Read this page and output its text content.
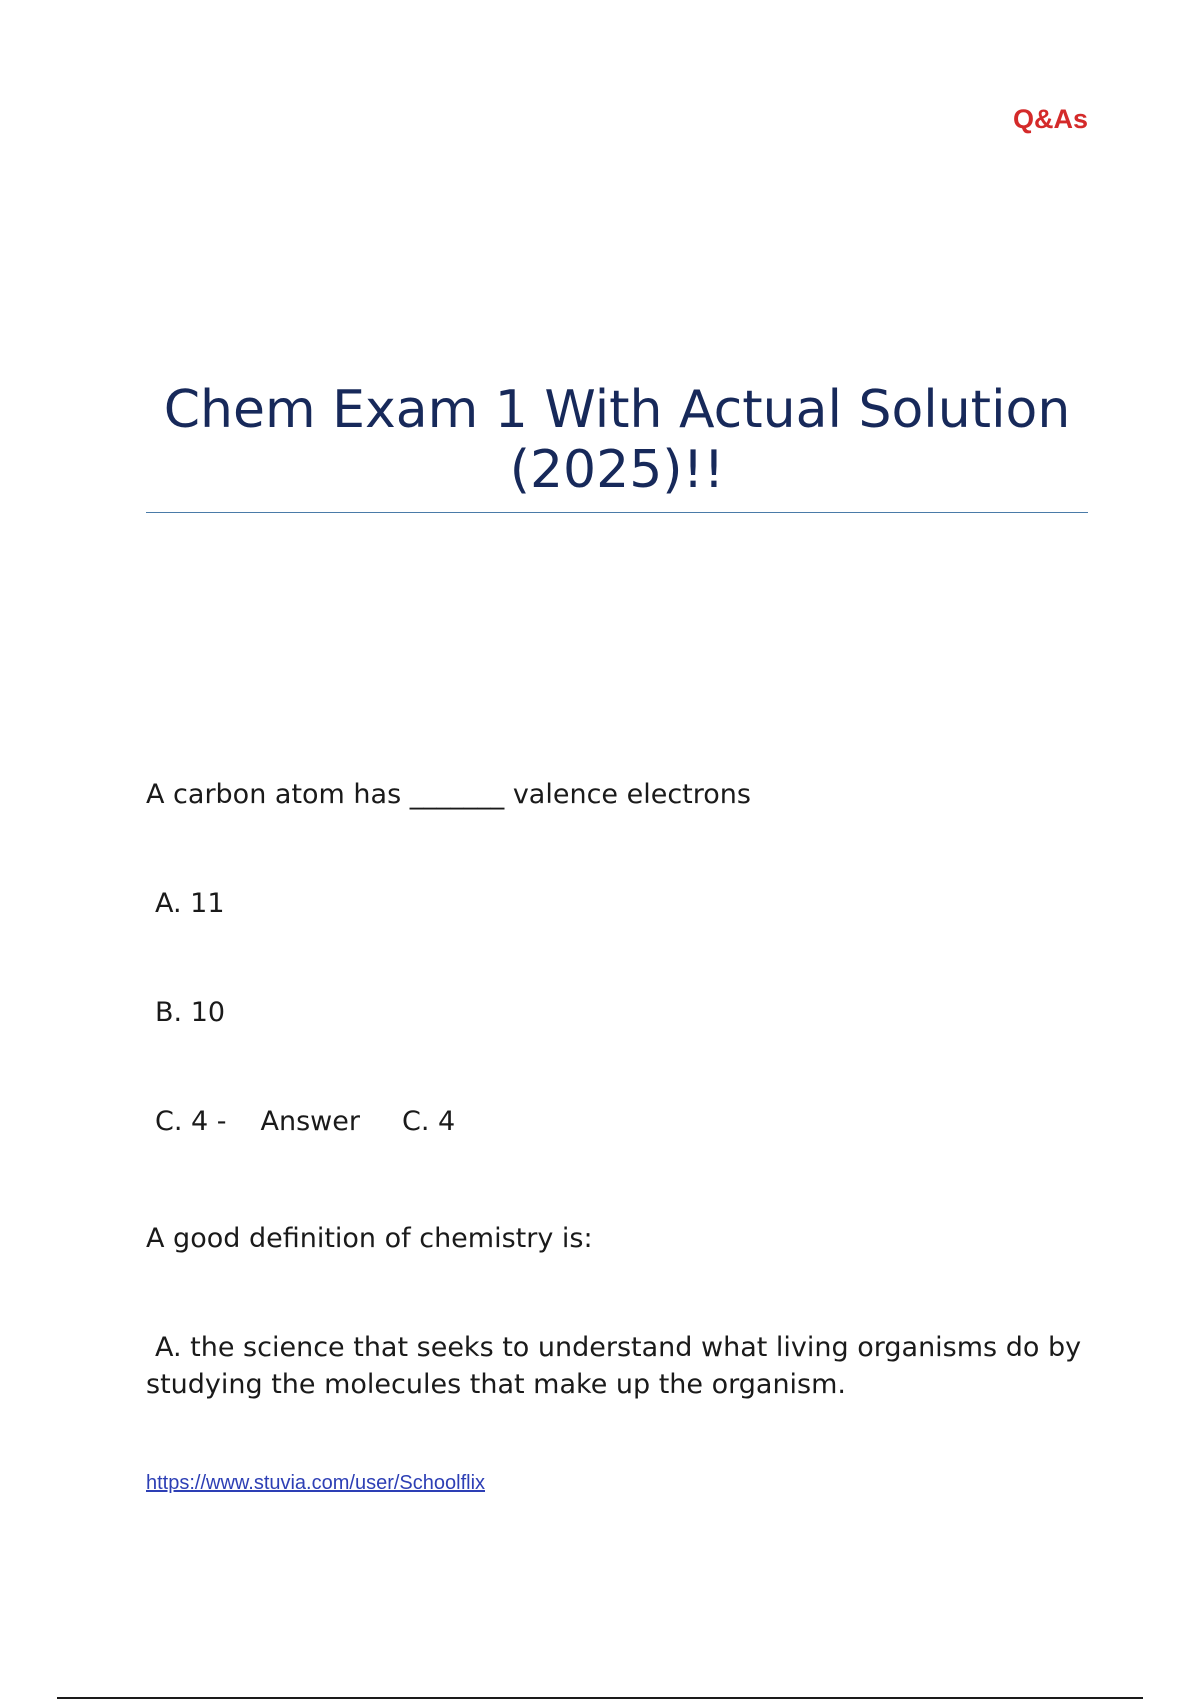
Q&As

Chem Exam 1 With Actual Solution (2025)!!

A carbon atom has _______ valence electrons

A. 11

B. 10

C. 4 - Answer C. 4

A good definition of chemistry is:

A. the science that seeks to understand what living organisms do by studying the molecules that make up the organism.

https://www.stuvia.com/user/Schoolflix
